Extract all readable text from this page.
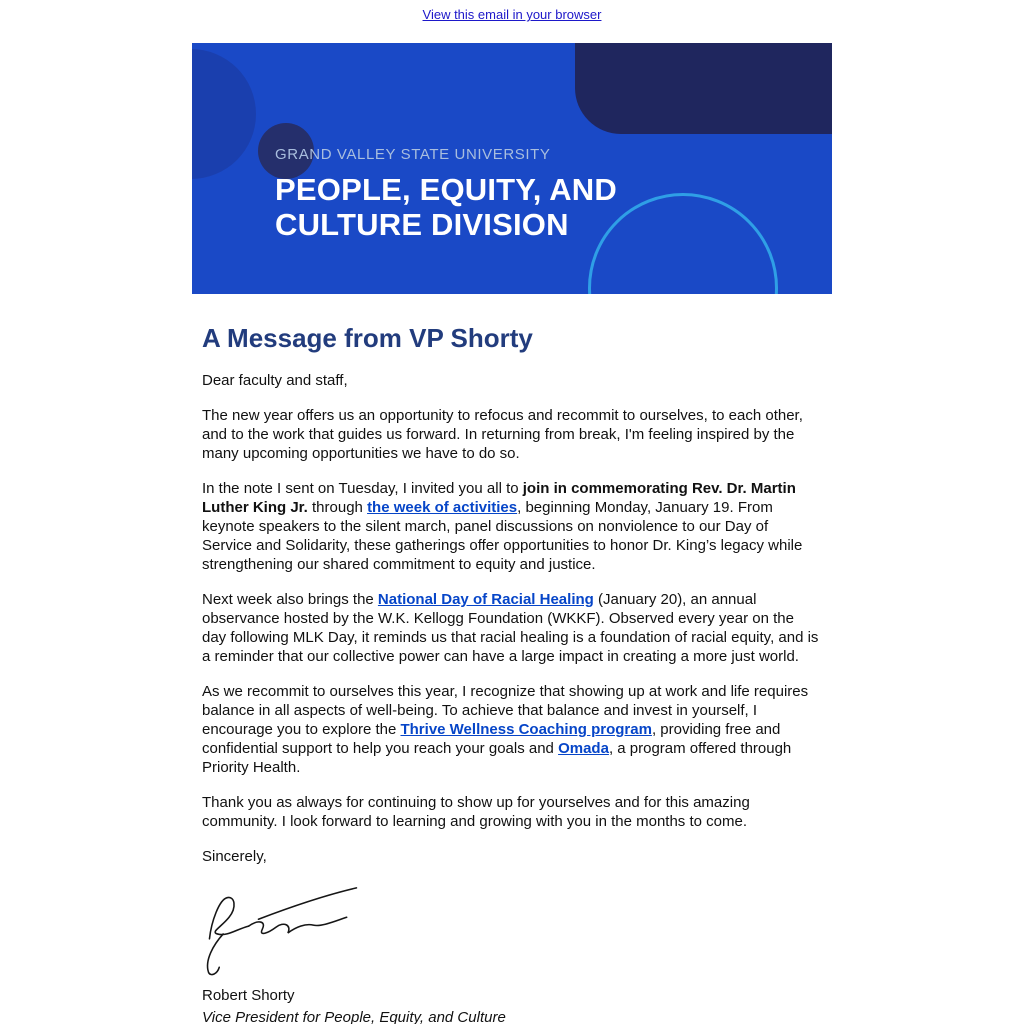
View this email in your browser
GRAND VALLEY STATE UNIVERSITY
PEOPLE, EQUITY, AND
CULTURE DIVISION
A Message from VP Shorty

Dear faculty and staff,

The new year offers us an opportunity to refocus and recommit to ourselves, to each other, and to the work that guides us forward. In returning from break, I'm feeling inspired by the many upcoming opportunities we have to do so.

In the note I sent on Tuesday, I invited you all to join in commemorating Rev. Dr. Martin Luther King Jr. through the week of activities, beginning Monday, January 19. From keynote speakers to the silent march, panel discussions on nonviolence to our Day of Service and Solidarity, these gatherings offer opportunities to honor Dr. King’s legacy while strengthening our shared commitment to equity and justice.

Next week also brings the National Day of Racial Healing (January 20), an annual observance hosted by the W.K. Kellogg Foundation (WKKF). Observed every year on the day following MLK Day, it reminds us that racial healing is a foundation of racial equity, and is a reminder that our collective power can have a large impact in creating a more just world.

As we recommit to ourselves this year, I recognize that showing up at work and life requires balance in all aspects of well-being. To achieve that balance and invest in yourself, I encourage you to explore the Thrive Wellness Coaching program, providing free and confidential support to help you reach your goals and Omada, a program offered through Priority Health.

Thank you as always for continuing to show up for yourselves and for this amazing community. I look forward to learning and growing with you in the months to come.

Sincerely,

Robert Shorty

Vice President for People, Equity, and Culture
